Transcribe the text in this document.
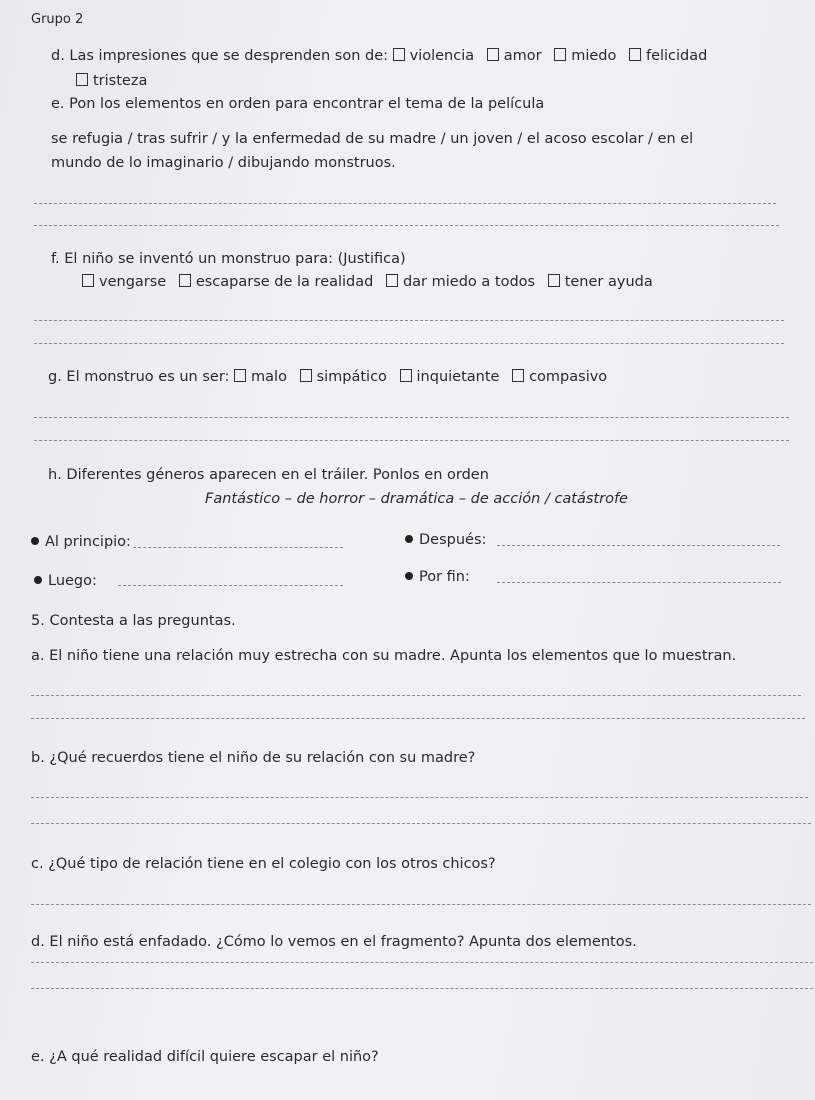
Grupo 2
d. Las impresiones que se desprenden son de: violencia amor miedo felicidad
tristeza
e. Pon los elementos en orden para encontrar el tema de la película
se refugia / tras sufrir / y la enfermedad de su madre / un joven / el acoso escolar / en el
mundo de lo imaginario / dibujando monstruos.
f. El niño se inventó un monstruo para: (Justifica)
vengarse escaparse de la realidad dar miedo a todos tener ayuda
g. El monstruo es un ser: malo simpático inquietante compasivo
h. Diferentes géneros aparecen en el tráiler. Ponlos en orden
Fantástico – de horror – dramática – de acción / catástrofe
Al principio:	Después:
Luego:	Por fin:
5. Contesta a las preguntas.
a. El niño tiene una relación muy estrecha con su madre. Apunta los elementos que lo muestran.
b. ¿Qué recuerdos tiene el niño de su relación con su madre?
c. ¿Qué tipo de relación tiene en el colegio con los otros chicos?
d. El niño está enfadado. ¿Cómo lo vemos en el fragmento? Apunta dos elementos.
e. ¿A qué realidad difícil quiere escapar el niño?
